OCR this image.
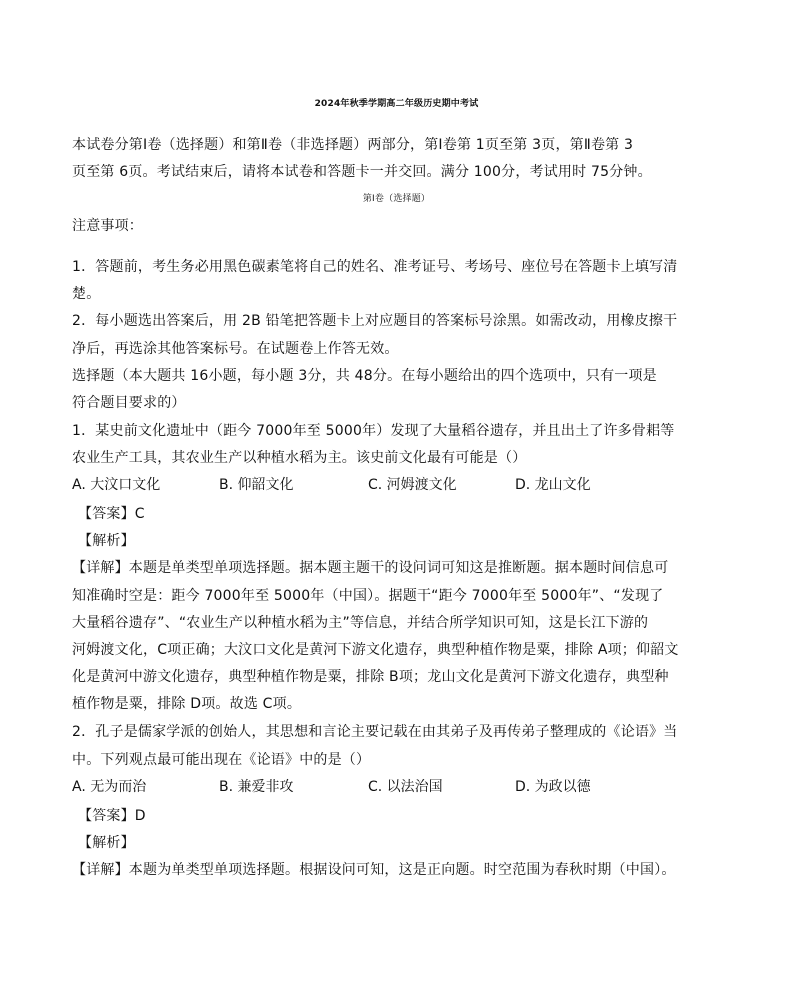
2024年秋季学期高二年级历史期中考试
本试卷分第Ⅰ卷（选择题）和第Ⅱ卷（非选择题）两部分，第Ⅰ卷第 1页至第 3页，第Ⅱ卷第 3
页至第 6页。考试结束后，请将本试卷和答题卡一并交回。满分 100分，考试用时 75分钟。
第Ⅰ卷（选择题）
注意事项：
1．答题前，考生务必用黑色碳素笔将自己的姓名、准考证号、考场号、座位号在答题卡上填写清
楚。
2．每小题选出答案后，用 2B 铅笔把答题卡上对应题目的答案标号涂黑。如需改动，用橡皮擦干
净后，再选涂其他答案标号。在试题卷上作答无效。
选择题（本大题共 16小题，每小题 3分，共 48分。在每小题给出的四个选项中，只有一项是
符合题目要求的）
1．某史前文化遗址中（距今 7000年至 5000年）发现了大量稻谷遗存，并且出土了许多骨耜等
农业生产工具，其农业生产以种植水稻为主。该史前文化最有可能是（）
A. 大汶口文化	B. 仰韶文化	C. 河姆渡文化	D. 龙山文化
【答案】C
【解析】
【详解】本题是单类型单项选择题。据本题主题干的设问词可知这是推断题。据本题时间信息可
知准确时空是：距今 7000年至 5000年（中国）。据题干“距今 7000年至 5000年”、“发现了
大量稻谷遗存”、“农业生产以种植水稻为主”等信息，并结合所学知识可知，这是长江下游的
河姆渡文化，C项正确；大汶口文化是黄河下游文化遗存，典型种植作物是粟，排除 A项；仰韶文
化是黄河中游文化遗存，典型种植作物是粟，排除 B项；龙山文化是黄河下游文化遗存，典型种
植作物是粟，排除 D项。故选 C项。
2．孔子是儒家学派的创始人，其思想和言论主要记载在由其弟子及再传弟子整理成的《论语》当
中。下列观点最可能出现在《论语》中的是（）
A. 无为而治	B. 兼爱非攻	C. 以法治国	D. 为政以德
【答案】D
【解析】
【详解】本题为单类型单项选择题。根据设问可知，这是正向题。时空范围为春秋时期（中国）。
